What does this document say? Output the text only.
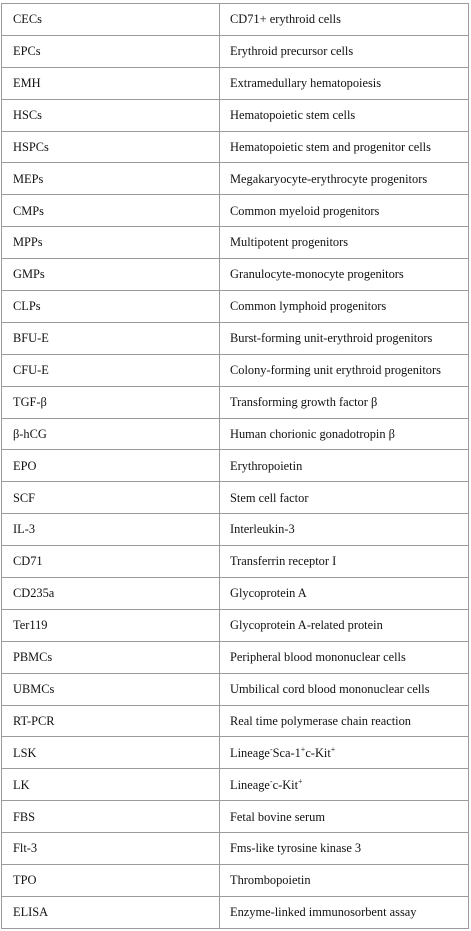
CECs	CD71+ erythroid cells
EPCs	Erythroid precursor cells
EMH	Extramedullary hematopoiesis
HSCs	Hematopoietic stem cells
HSPCs	Hematopoietic stem and progenitor cells
MEPs	Megakaryocyte-erythrocyte progenitors
CMPs	Common myeloid progenitors
MPPs	Multipotent progenitors
GMPs	Granulocyte-monocyte progenitors
CLPs	Common lymphoid progenitors
BFU-E	Burst-forming unit-erythroid progenitors
CFU-E	Colony-forming unit erythroid progenitors
TGF-β	Transforming growth factor β
β-hCG	Human chorionic gonadotropin β
EPO	Erythropoietin
SCF	Stem cell factor
IL-3	Interleukin-3
CD71	Transferrin receptor I
CD235a	Glycoprotein A
Ter119	Glycoprotein A-related protein
PBMCs	Peripheral blood mononuclear cells
UBMCs	Umbilical cord blood mononuclear cells
RT-PCR	Real time polymerase chain reaction
LSK	Lineage-Sca-1+c-Kit+
LK	Lineage-c-Kit+
FBS	Fetal bovine serum
Flt-3	Fms-like tyrosine kinase 3
TPO	Thrombopoietin
ELISA	Enzyme-linked immunosorbent assay
